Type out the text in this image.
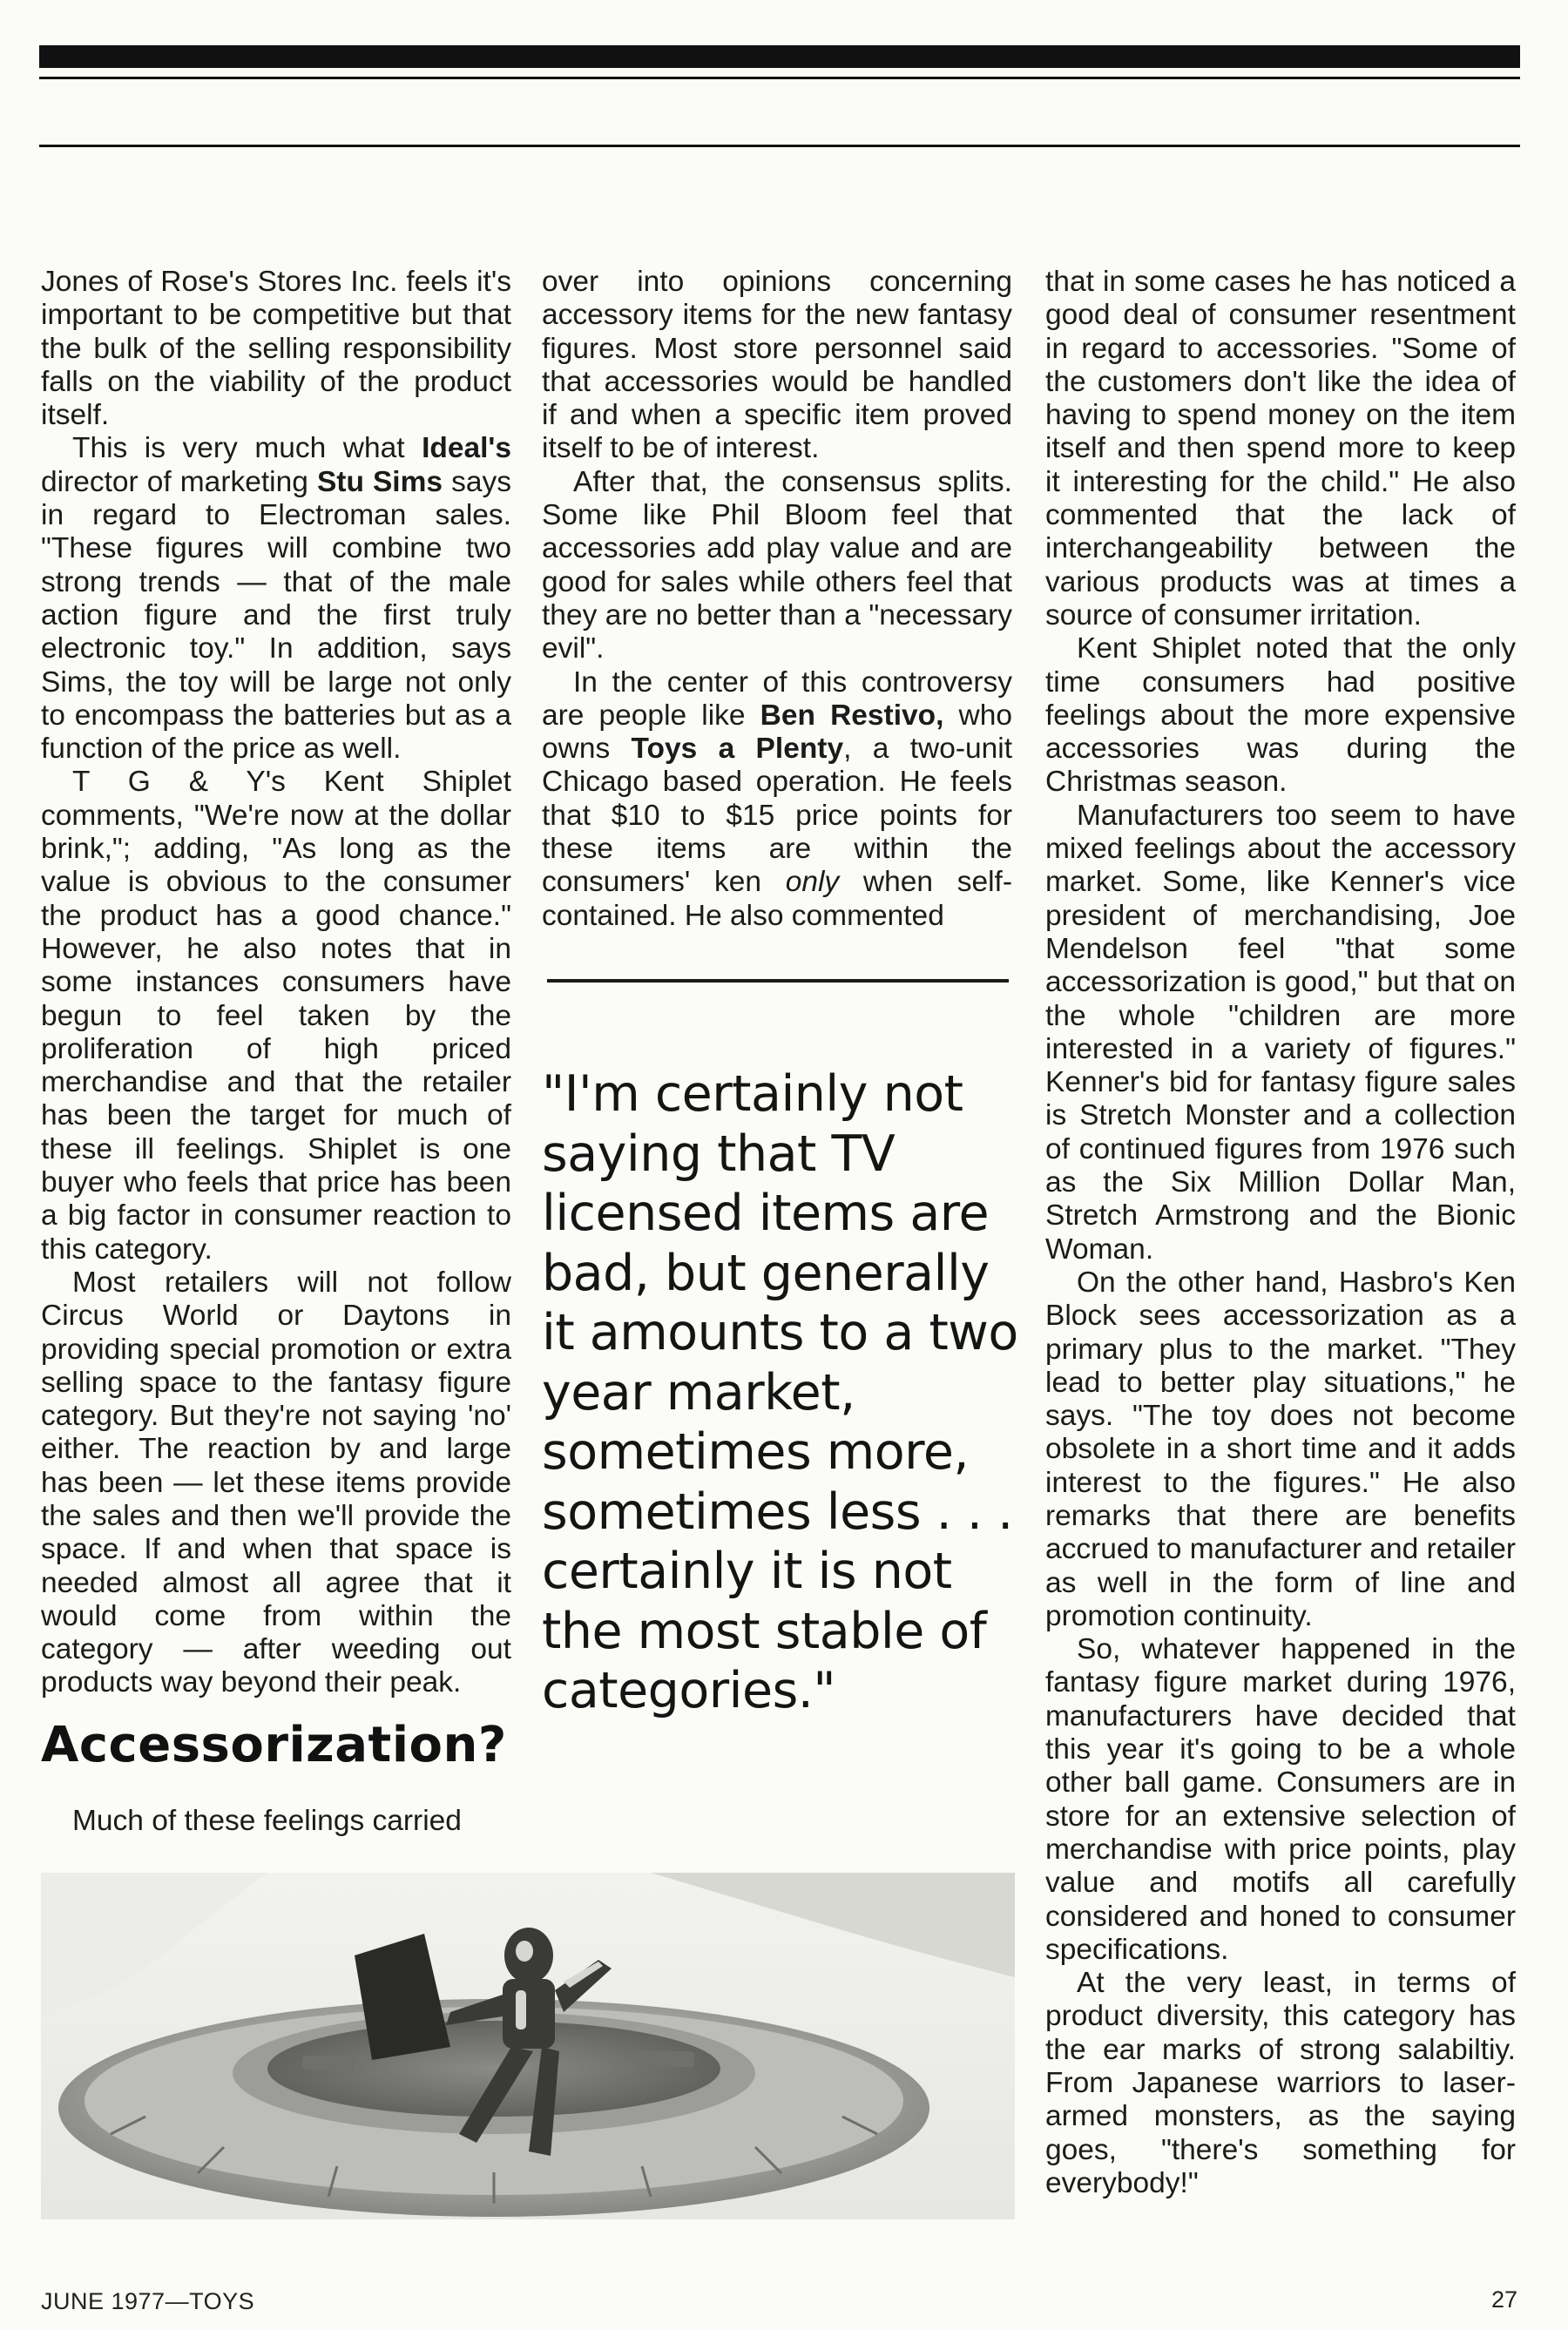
Jones of Rose's Stores Inc. feels it's important to be competitive but that the bulk of the selling responsibility falls on the viability of the product itself.

This is very much what Ideal's director of marketing Stu Sims says in regard to Electroman sales. "These figures will combine two strong trends — that of the male action figure and the first truly electronic toy." In addition, says Sims, the toy will be large not only to encompass the batteries but as a function of the price as well.

T G & Y's Kent Shiplet comments, "We're now at the dollar brink,"; adding, "As long as the value is obvious to the consumer the product has a good chance." However, he also notes that in some instances consumers have begun to feel taken by the proliferation of high priced merchandise and that the retailer has been the target for much of these ill feelings. Shiplet is one buyer who feels that price has been a big factor in consumer reaction to this category.

Most retailers will not follow Circus World or Daytons in providing special promotion or extra selling space to the fantasy figure category. But they're not saying 'no' either. The reaction by and large has been — let these items provide the sales and then we'll provide the space. If and when that space is needed almost all agree that it would come from within the category — after weeding out products way beyond their peak.

Accessorization?
Much of these feelings carried

over into opinions concerning accessory items for the new fantasy figures. Most store personnel said that accessories would be handled if and when a specific item proved itself to be of interest.

After that, the consensus splits. Some like Phil Bloom feel that accessories add play value and are good for sales while others feel that they are no better than a "necessary evil".

In the center of this controversy are people like Ben Restivo, who owns Toys a Plenty, a two-unit Chicago based operation. He feels that $10 to $15 price points for these items are within the consumers' ken only when self-contained. He also commented

"I'm certainly not saying that TV licensed items are bad, but generally it amounts to a two year market, sometimes more, sometimes less . . . certainly it is not the most stable of categories."

that in some cases he has noticed a good deal of consumer resentment in regard to accessories. "Some of the customers don't like the idea of having to spend money on the item itself and then spend more to keep it interesting for the child." He also commented that the lack of interchangeability between the various products was at times a source of consumer irritation.

Kent Shiplet noted that the only time consumers had positive feelings about the more expensive accessories was during the Christmas season.

Manufacturers too seem to have mixed feelings about the accessory market. Some, like Kenner's vice president of merchandising, Joe Mendelson feel "that some accessorization is good," but that on the whole "children are more interested in a variety of figures." Kenner's bid for fantasy figure sales is Stretch Monster and a collection of continued figures from 1976 such as the Six Million Dollar Man, Stretch Armstrong and the Bionic Woman.

On the other hand, Hasbro's Ken Block sees accessorization as a primary plus to the market. "They lead to better play situations," he says. "The toy does not become obsolete in a short time and it adds interest to the figures." He also remarks that there are benefits accrued to manufacturer and retailer as well in the form of line and promotion continuity.

So, whatever happened in the fantasy figure market during 1976, manufacturers have decided that this year it's going to be a whole other ball game. Consumers are in store for an extensive selection of merchandise with price points, play value and motifs all carefully considered and honed to consumer specifications.

At the very least, in terms of product diversity, this category has the ear marks of strong salabiltiy. From Japanese warriors to laser-armed monsters, as the saying goes, "there's something for everybody!"

JUNE 1977—TOYS	27
